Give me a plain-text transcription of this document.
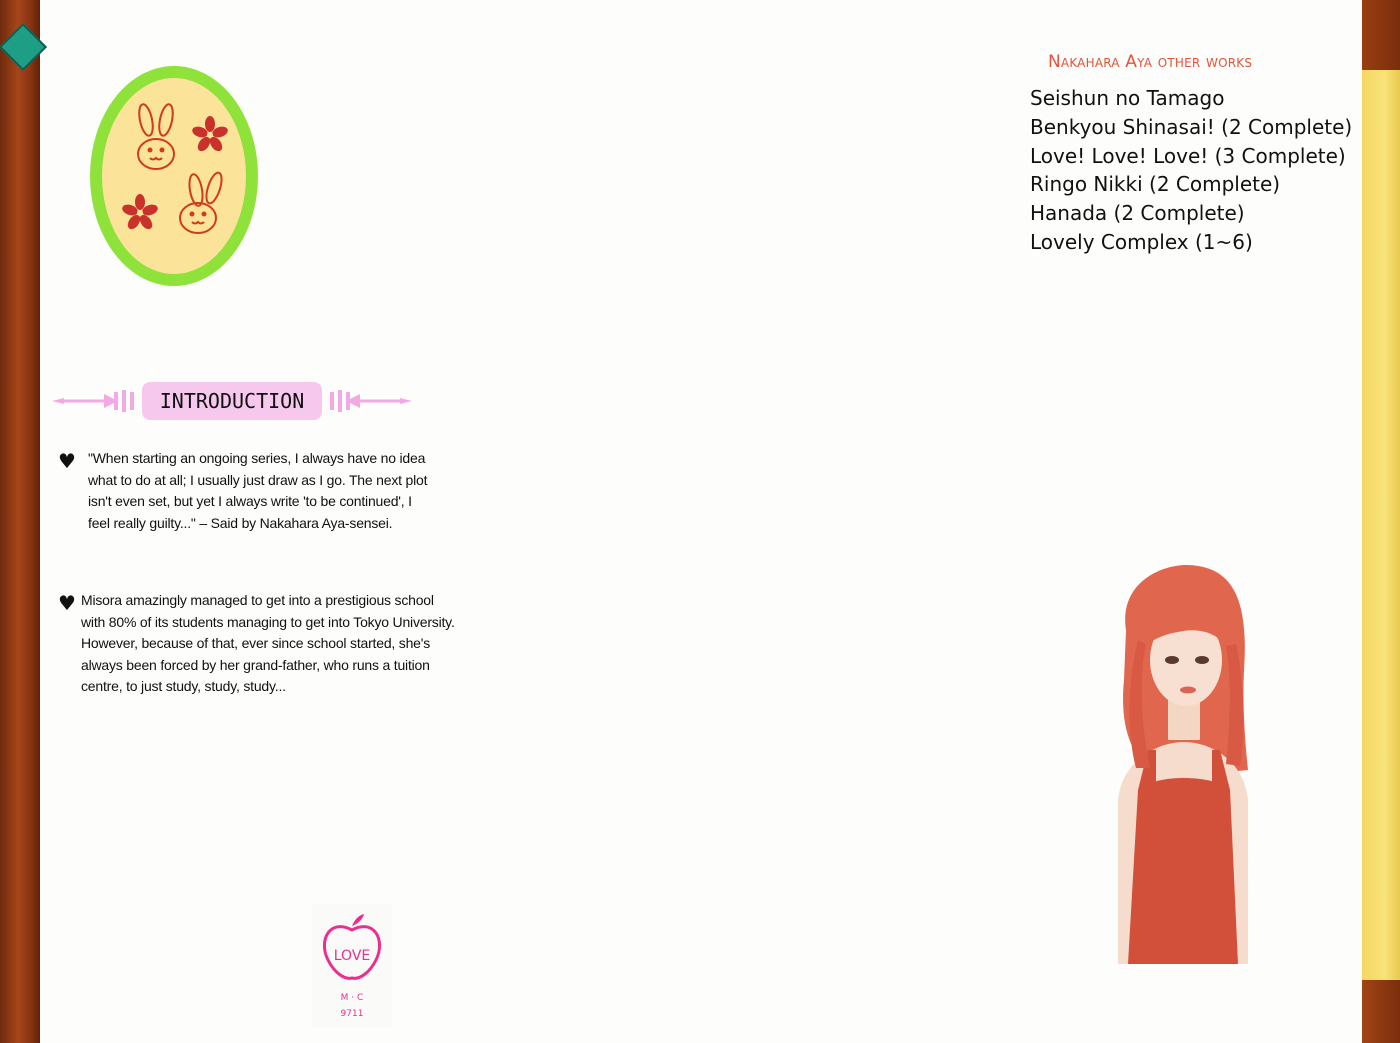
INTRODUCTION
♥ "When starting an ongoing series, I always have no idea

what to do at all; I usually just draw as I go. The next plot

isn't even set, but yet I always write 'to be continued', I

feel really guilty..." – Said by Nakahara Aya-sensei.

♥ Misora amazingly managed to get into a prestigious school

with 80% of its students managing to get into Tokyo University.

However, because of that, ever since school started, she's

always been forced by her grand-father, who runs a tuition

centre, to just study, study, study...

LOVE
M · C
9711
Nakahara Aya other works
Seishun no Tamago
Benkyou Shinasai! (2 Complete)
Love! Love! Love! (3 Complete)
Ringo Nikki (2 Complete)
Hanada (2 Complete)
Lovely Complex (1~6)
